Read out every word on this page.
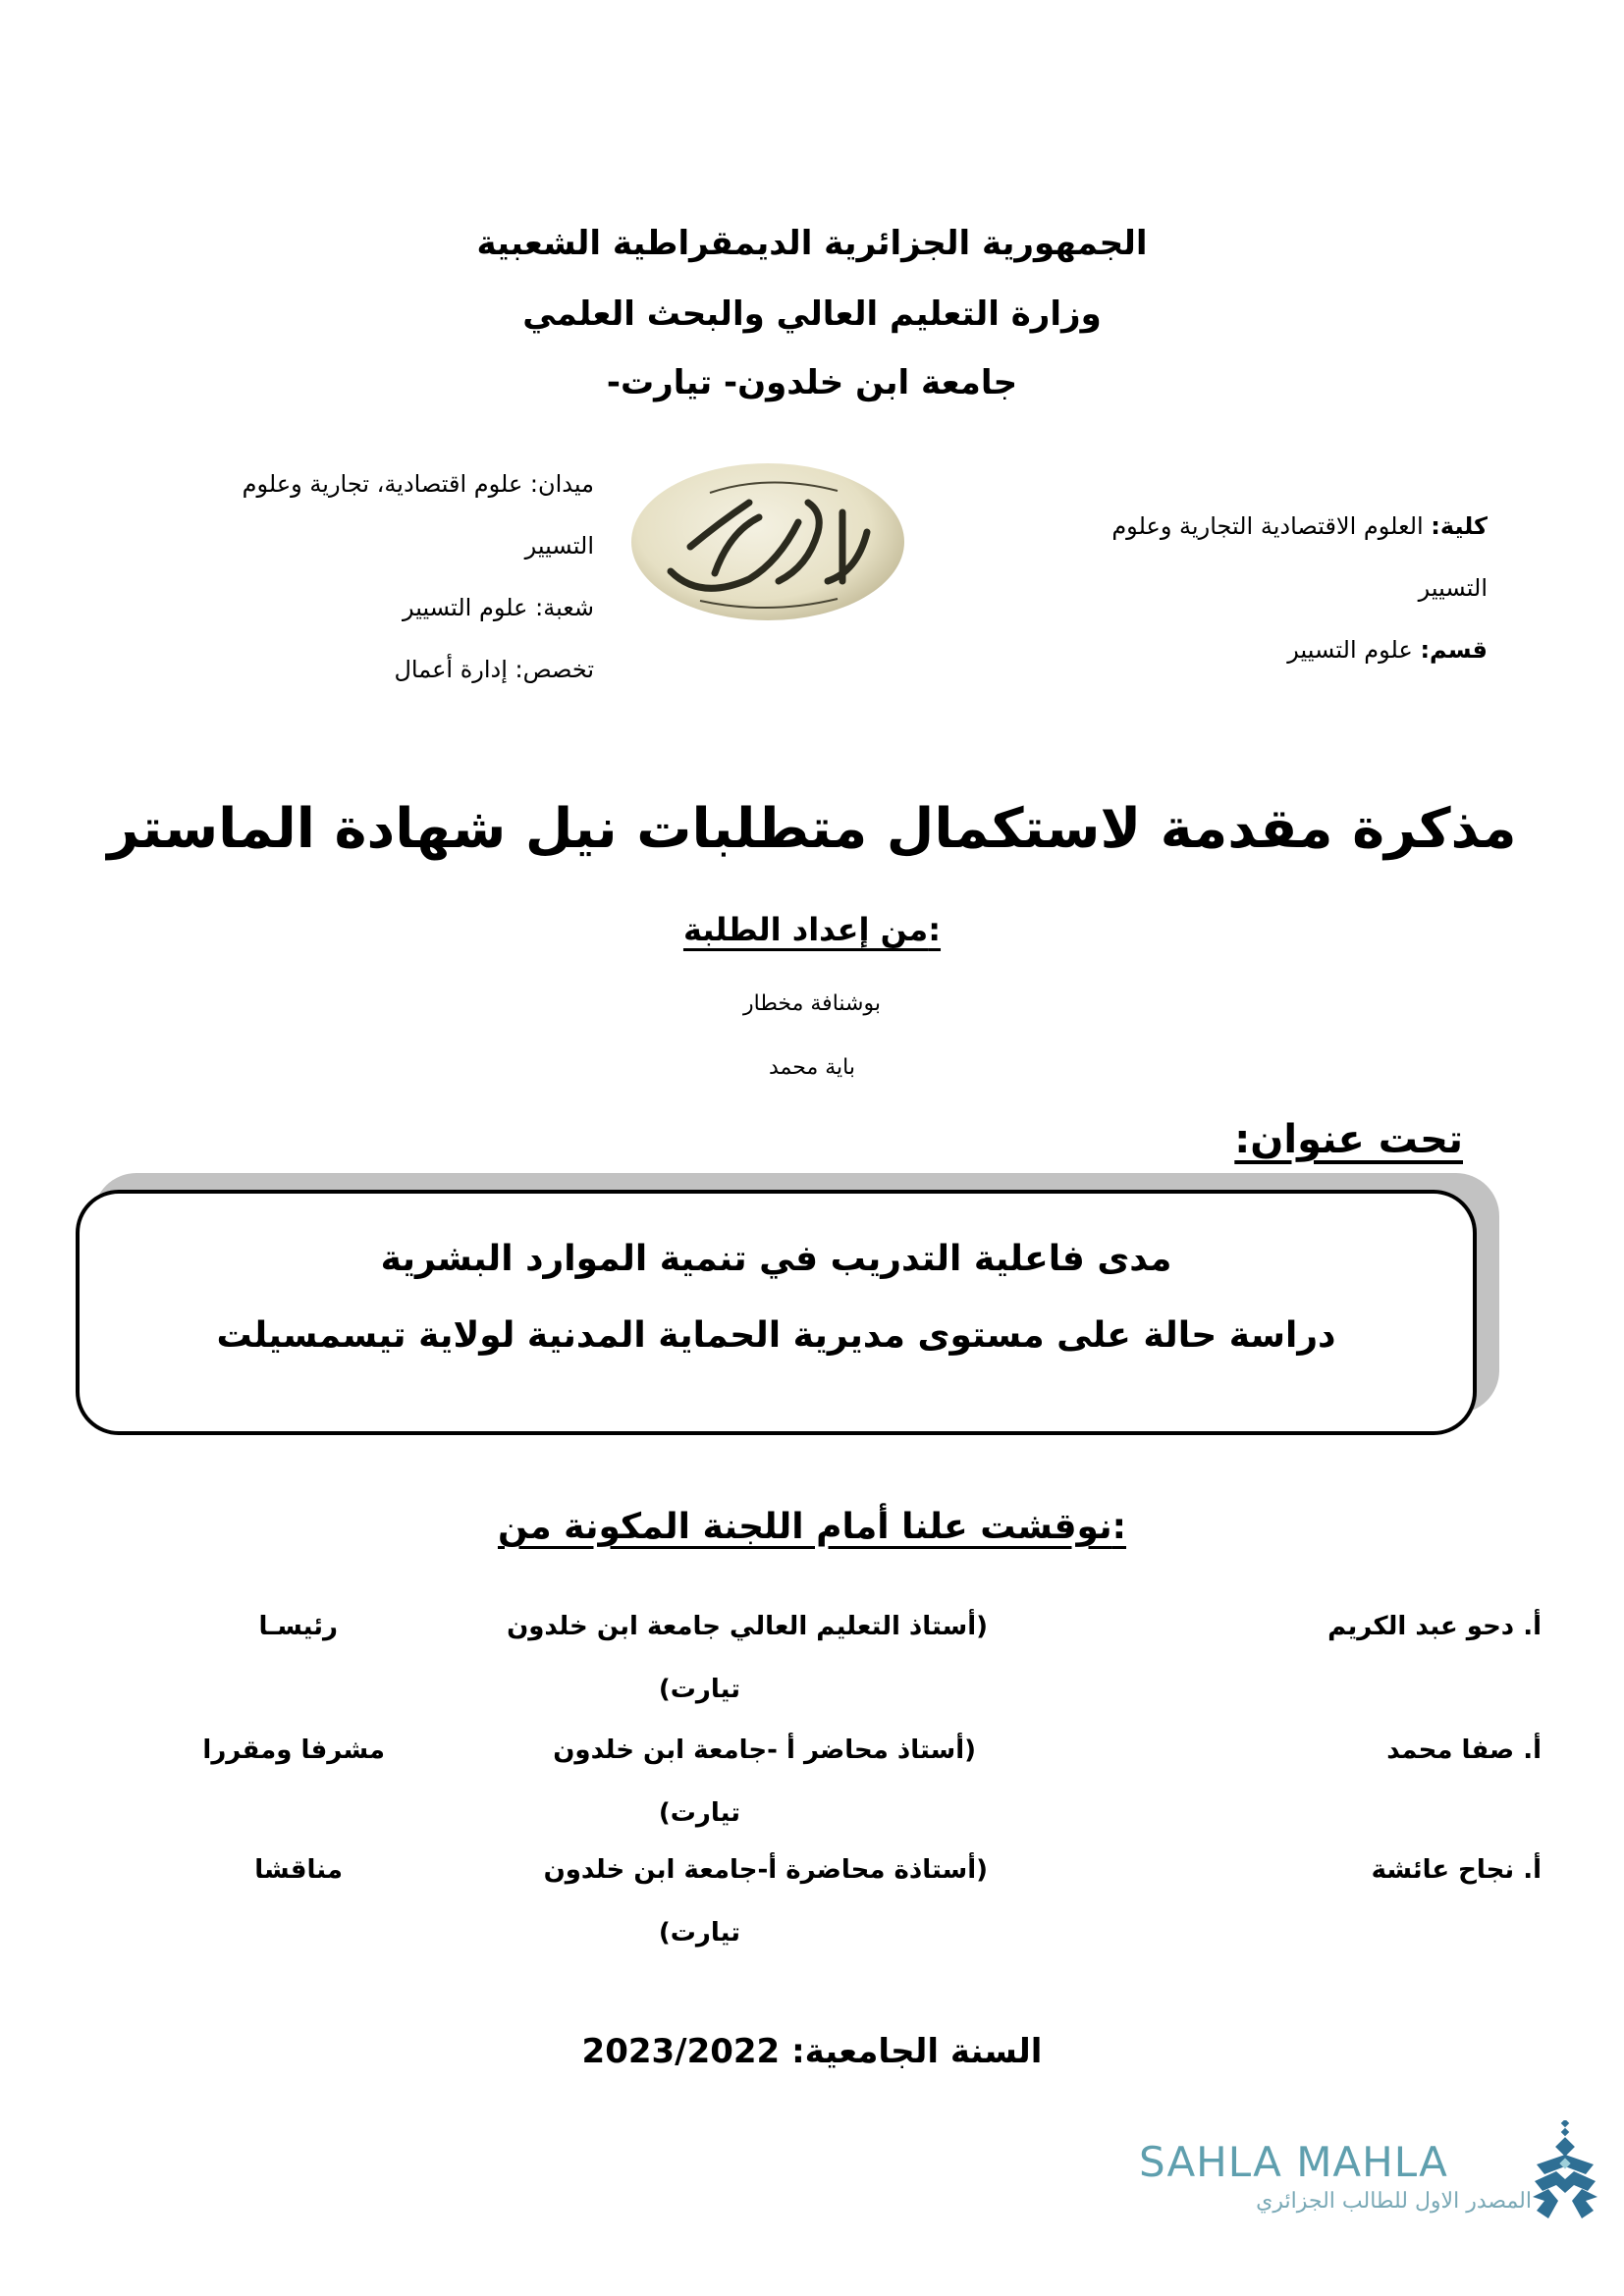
الجمهورية الجزائرية الديمقراطية الشعبية
وزارة التعليم العالي والبحث العلمي
جامعة ابن خلدون- تيارت-
ميدان: علوم اقتصادية، تجارية وعلوم
التسيير
شعبة: علوم التسيير
تخصص: إدارة أعمال
كلية: العلوم الاقتصادية التجارية وعلوم
التسيير
قسم: علوم التسيير
مذكرة مقدمة لاستكمال متطلبات نيل شهادة الماستر
من إعداد الطلبة:
بوشنافة مخطار
باية محمد
تحت عنوان:
مدى فاعلية التدريب في تنمية الموارد البشرية
دراسة حالة على مستوى مديرية الحماية المدنية لولاية تيسمسيلت
نوقشت علنا أمام اللجنة المكونة من:
أ. دحو عبد الكريم
(أستاذ التعليم العالي جامعة ابن خلدون
تيارت)
رئيسـا
أ. صفا محمد
(أستاذ محاضر أ -جامعة ابن خلدون
تيارت)
مشرفا ومقررا
أ. نجاح عائشة
(أستاذة محاضرة أ-جامعة ابن خلدون
تيارت)
مناقشا
السنة الجامعية: 2023/2022
SAHLA MAHLA
المصدر الاول للطالب الجزائري
